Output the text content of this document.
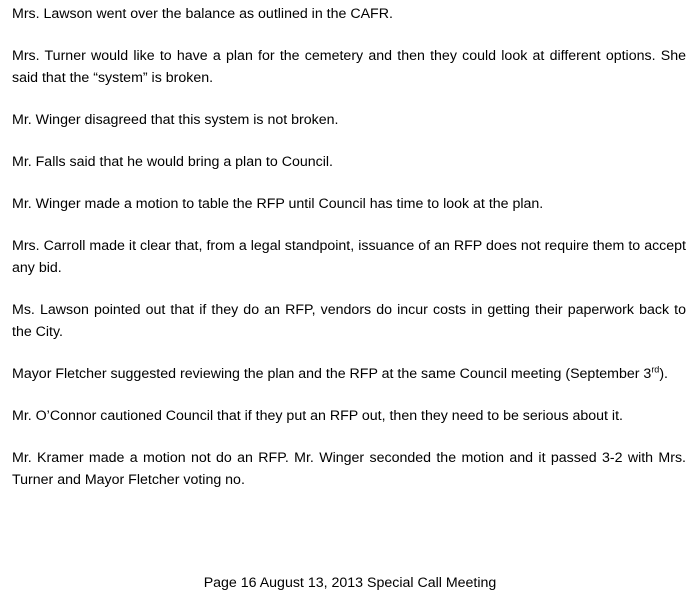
Mrs. Lawson went over the balance as outlined in the CAFR.

Mrs. Turner would like to have a plan for the cemetery and then they could look at different options. She said that the “system” is broken.

Mr. Winger disagreed that this system is not broken.

Mr. Falls said that he would bring a plan to Council.

Mr. Winger made a motion to table the RFP until Council has time to look at the plan.

Mrs. Carroll made it clear that, from a legal standpoint, issuance of an RFP does not require them to accept any bid.

Ms. Lawson pointed out that if they do an RFP, vendors do incur costs in getting their paperwork back to the City.

Mayor Fletcher suggested reviewing the plan and the RFP at the same Council meeting (September 3rd).

Mr. O’Connor cautioned Council that if they put an RFP out, then they need to be serious about it.

Mr. Kramer made a motion not do an RFP. Mr. Winger seconded the motion and it passed 3-2 with Mrs. Turner and Mayor Fletcher voting no.

Page 16 August 13, 2013 Special Call Meeting
